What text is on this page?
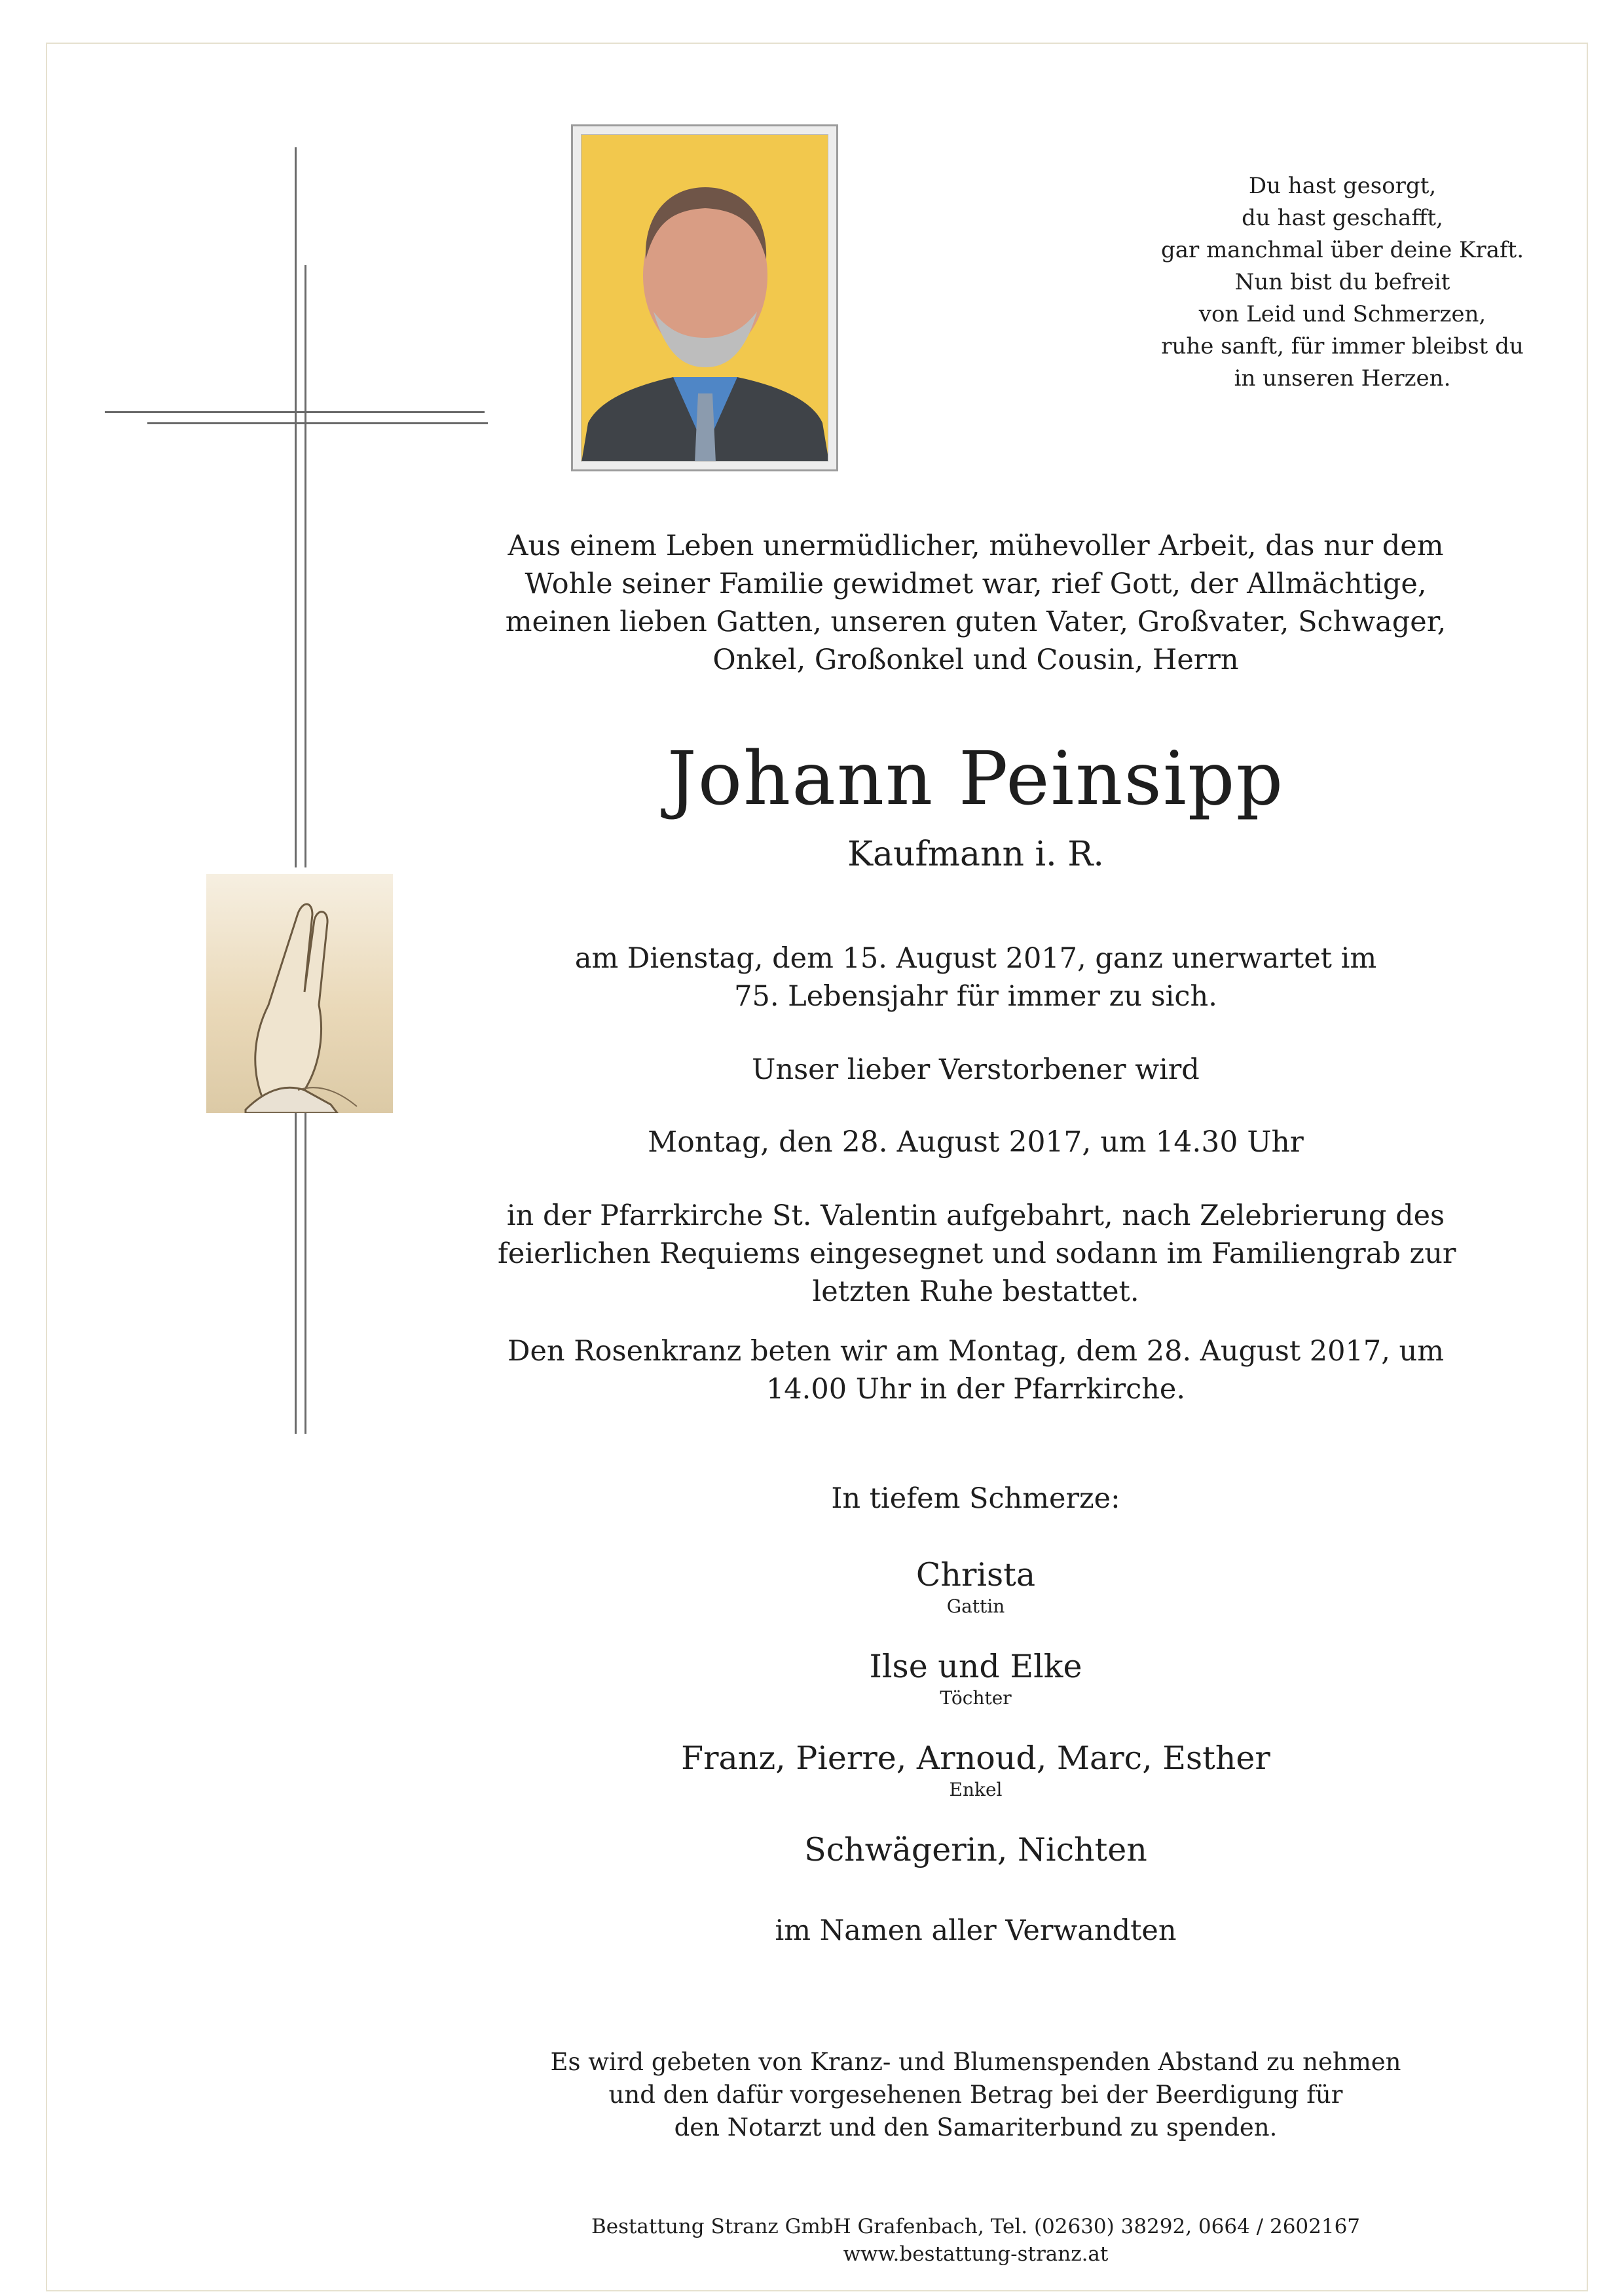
Du hast gesorgt,
du hast geschafft,
gar manchmal über deine Kraft.
Nun bist du befreit
von Leid und Schmerzen,
ruhe sanft, für immer bleibst du
in unseren Herzen.
Aus einem Leben unermüdlicher, mühevoller Arbeit, das nur dem
Wohle seiner Familie gewidmet war, rief Gott, der Allmächtige,
meinen lieben Gatten, unseren guten Vater, Großvater, Schwager,
Onkel, Großonkel und Cousin, Herrn
Johann Peinsipp
Kaufmann i. R.
am Dienstag, dem 15. August 2017, ganz unerwartet im
75. Lebensjahr für immer zu sich.
Unser lieber Verstorbener wird
Montag, den 28. August 2017, um 14.30 Uhr
in der Pfarrkirche St. Valentin aufgebahrt, nach Zelebrierung des
feierlichen Requiems eingesegnet und sodann im Familiengrab zur
letzten Ruhe bestattet.
Den Rosenkranz beten wir am Montag, dem 28. August 2017, um
14.00 Uhr in der Pfarrkirche.
In tiefem Schmerze:
Christa
Gattin
Ilse und Elke
Töchter
Franz, Pierre, Arnoud, Marc, Esther
Enkel
Schwägerin, Nichten
im Namen aller Verwandten
Es wird gebeten von Kranz- und Blumenspenden Abstand zu nehmen
und den dafür vorgesehenen Betrag bei der Beerdigung für
den Notarzt und den Samariterbund zu spenden.
Bestattung Stranz GmbH Grafenbach, Tel. (02630) 38292, 0664 / 2602167
www.bestattung-stranz.at
